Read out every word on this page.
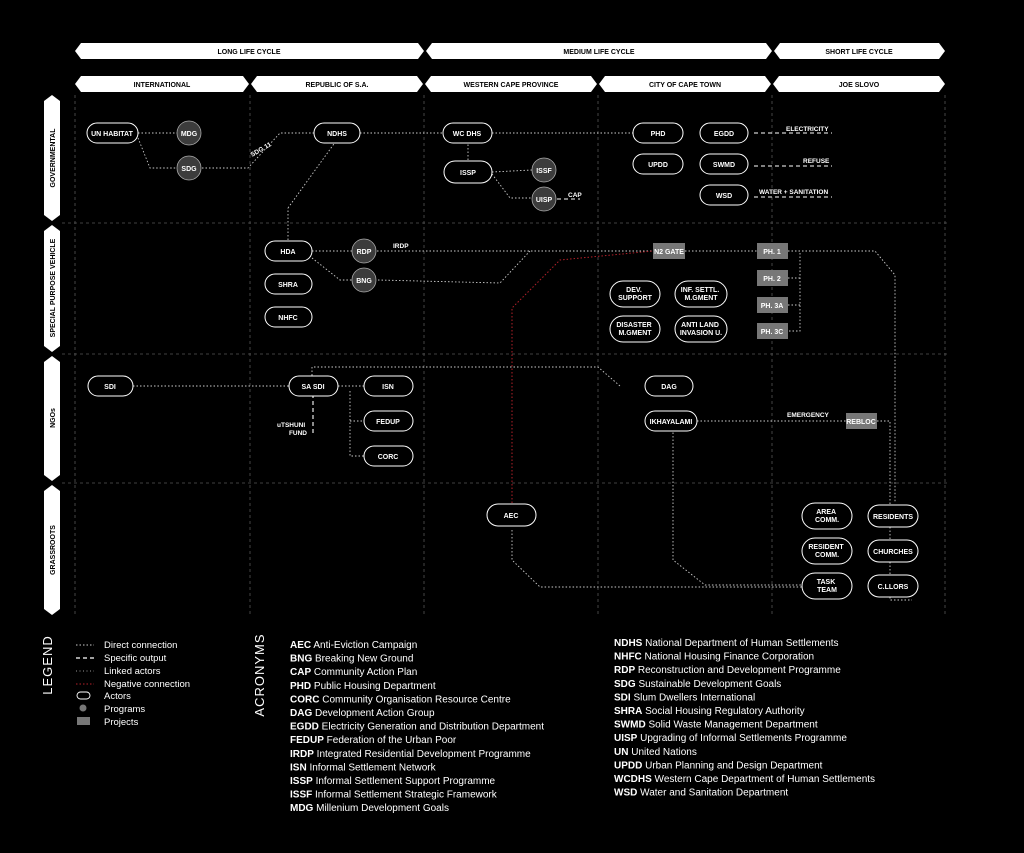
LONG LIFE CYCLE	MEDIUM LIFE CYCLE	SHORT LIFE CYCLE
INTERNATIONAL	REPUBLIC OF S.A.	WESTERN CAPE PROVINCE	CITY OF CAPE TOWN	JOE SLOVO
GOVERNMENTAL
SPECIAL PURPOSE VEHICLE
NGOs
GRASSROOTS
SDG 11
CAP
ELECTRICITY
REFUSE
WATER + SANITATION
IRDP
EMERGENCY
uTSHUNI FUND
UN HABITAT	MDG
SDG
NDHS	WC DHS
ISSP	ISSF
UISP
PHD
UPDD
EGDD
SWMD
WSD
HDA	RDP
BNG
SHRA
NHFC
N2 GATE
DEV. SUPPORT
INF. SETTL. M.GMENT
DISASTER M.GMENT
ANTI LAND INVASION U.
PH. 1
PH. 2
PH. 3A
PH. 3C
SDI	SA SDI	ISN
FEDUP
CORC
DAG
IKHAYALAMI	REBLOC
AEC
AREA COMM.
RESIDENT COMM.
TASK TEAM
RESIDENTS
CHURCHES
C.LLORS
LEGEND	Direct connection
Specific output
Linked actors
Negative connection
Actors
Programs
Projects
ACRONYMS AEC Anti-Eviction Campaign
BNG Breaking New Ground
CAP Community Action Plan
PHD Public Housing Department
CORC Community Organisation Resource Centre
DAG Development Action Group
EGDD Electricity Generation and Distribution Department
FEDUP Federation of the Urban Poor
IRDP Integrated Residential Development Programme
ISN Informal Settlement Network
ISSP Informal Settlement Support Programme
ISSF Informal Settlement Strategic Framework
MDG Millenium Development Goals
NDHS National Department of Human Settlements
NHFC National Housing Finance Corporation
RDP Reconstruction and Development Programme
SDG Sustainable Development Goals
SDI Slum Dwellers International
SHRA Social Housing Regulatory Authority
SWMD Solid Waste Management Department
UISP Upgrading of Informal Settlements Programme
UN United Nations
UPDD Urban Planning and Design Department
WCDHS Western Cape Department of Human Settlements
WSD Water and Sanitation Department
